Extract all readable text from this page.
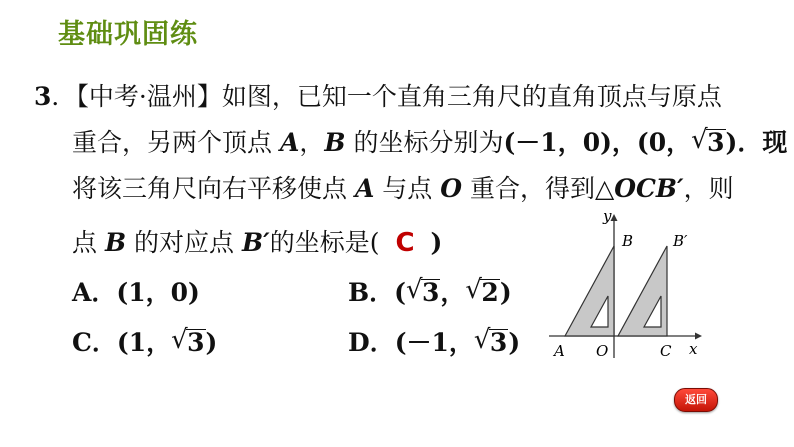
基础巩固练
3．【中考·温州】如图，已知一个直角三角尺的直角顶点与原点
重合，另两个顶点 A，B 的坐标分别为(－1，0)，(0， √ 3)．现
将该三角尺向右平移使点 A 与点 O 重合，得到△OCB′，则
点 B 的对应点 B′的坐标是( C )
A．(1，0)	B．( √ 3， √ 2)
C．(1， √ 3)	D．(－1， √ 3)
y
x
A O	C
B	B′
返回
